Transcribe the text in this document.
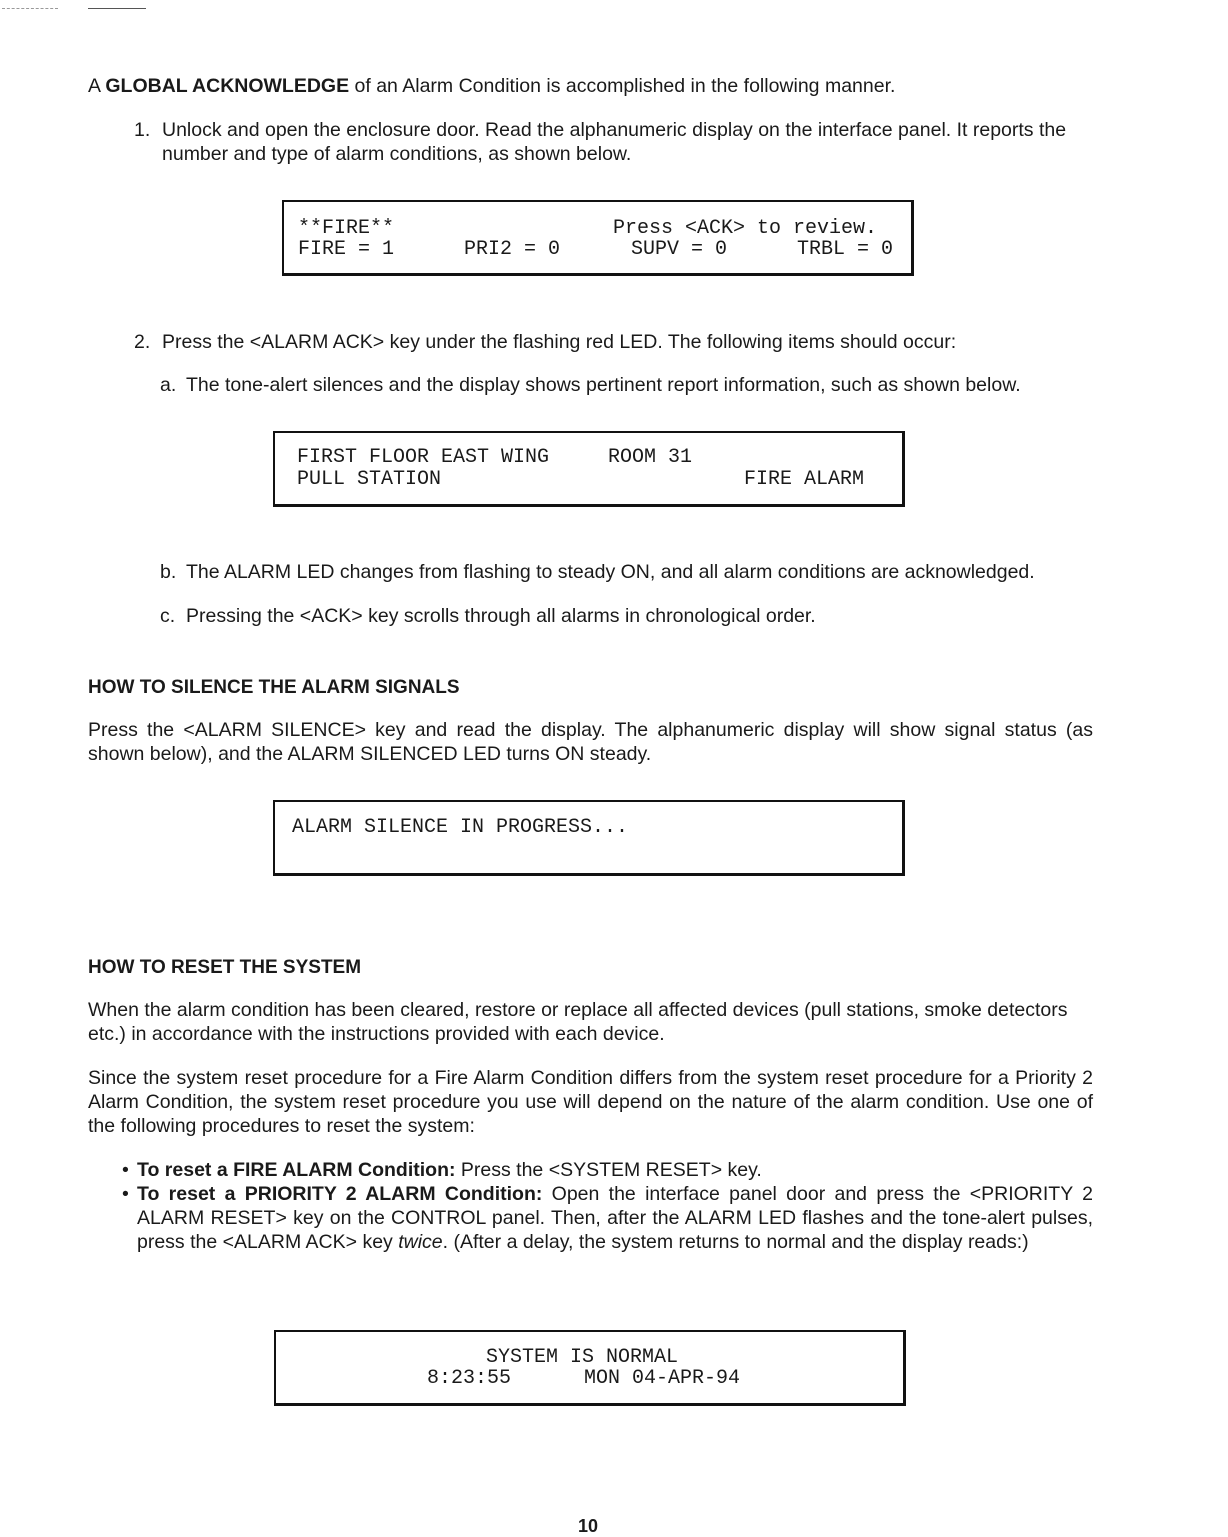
A GLOBAL ACKNOWLEDGE of an Alarm Condition is accomplished in the following manner.

1. Unlock and open the enclosure door. Read the alphanumeric display on the interface panel. It reports the number and type of alarm conditions, as shown below.

**FIRE**	Press <ACK> to review.
FIRE = 1	PRI2 = 0	SUPV = 0	TRBL = 0
2. Press the <ALARM ACK> key under the flashing red LED. The following items should occur:

a. The tone-alert silences and the display shows pertinent report information, such as shown below.

FIRST FLOOR EAST WING	ROOM 31
PULL STATION	FIRE ALARM
b. The ALARM LED changes from flashing to steady ON, and all alarm conditions are acknowledged.

c. Pressing the <ACK> key scrolls through all alarms in chronological order.

HOW TO SILENCE THE ALARM SIGNALS

Press the <ALARM SILENCE> key and read the display. The alphanumeric display will show signal status (as shown below), and the ALARM SILENCED LED turns ON steady.

ALARM SILENCE IN PROGRESS...
HOW TO RESET THE SYSTEM

When the alarm condition has been cleared, restore or replace all affected devices (pull stations, smoke detectors etc.) in accordance with the instructions provided with each device.

Since the system reset procedure for a Fire Alarm Condition differs from the system reset procedure for a Priority 2 Alarm Condition, the system reset procedure you use will depend on the nature of the alarm condition. Use one of the following procedures to reset the system:

• To reset a FIRE ALARM Condition: Press the <SYSTEM RESET> key.

• To reset a PRIORITY 2 ALARM Condition: Open the interface panel door and press the <PRIORITY 2 ALARM RESET> key on the CONTROL panel. Then, after the ALARM LED flashes and the tone-alert pulses, press the <ALARM ACK> key twice. (After a delay, the system returns to normal and the display reads:)

SYSTEM IS NORMAL
8:23:55	MON 04-APR-94
10
